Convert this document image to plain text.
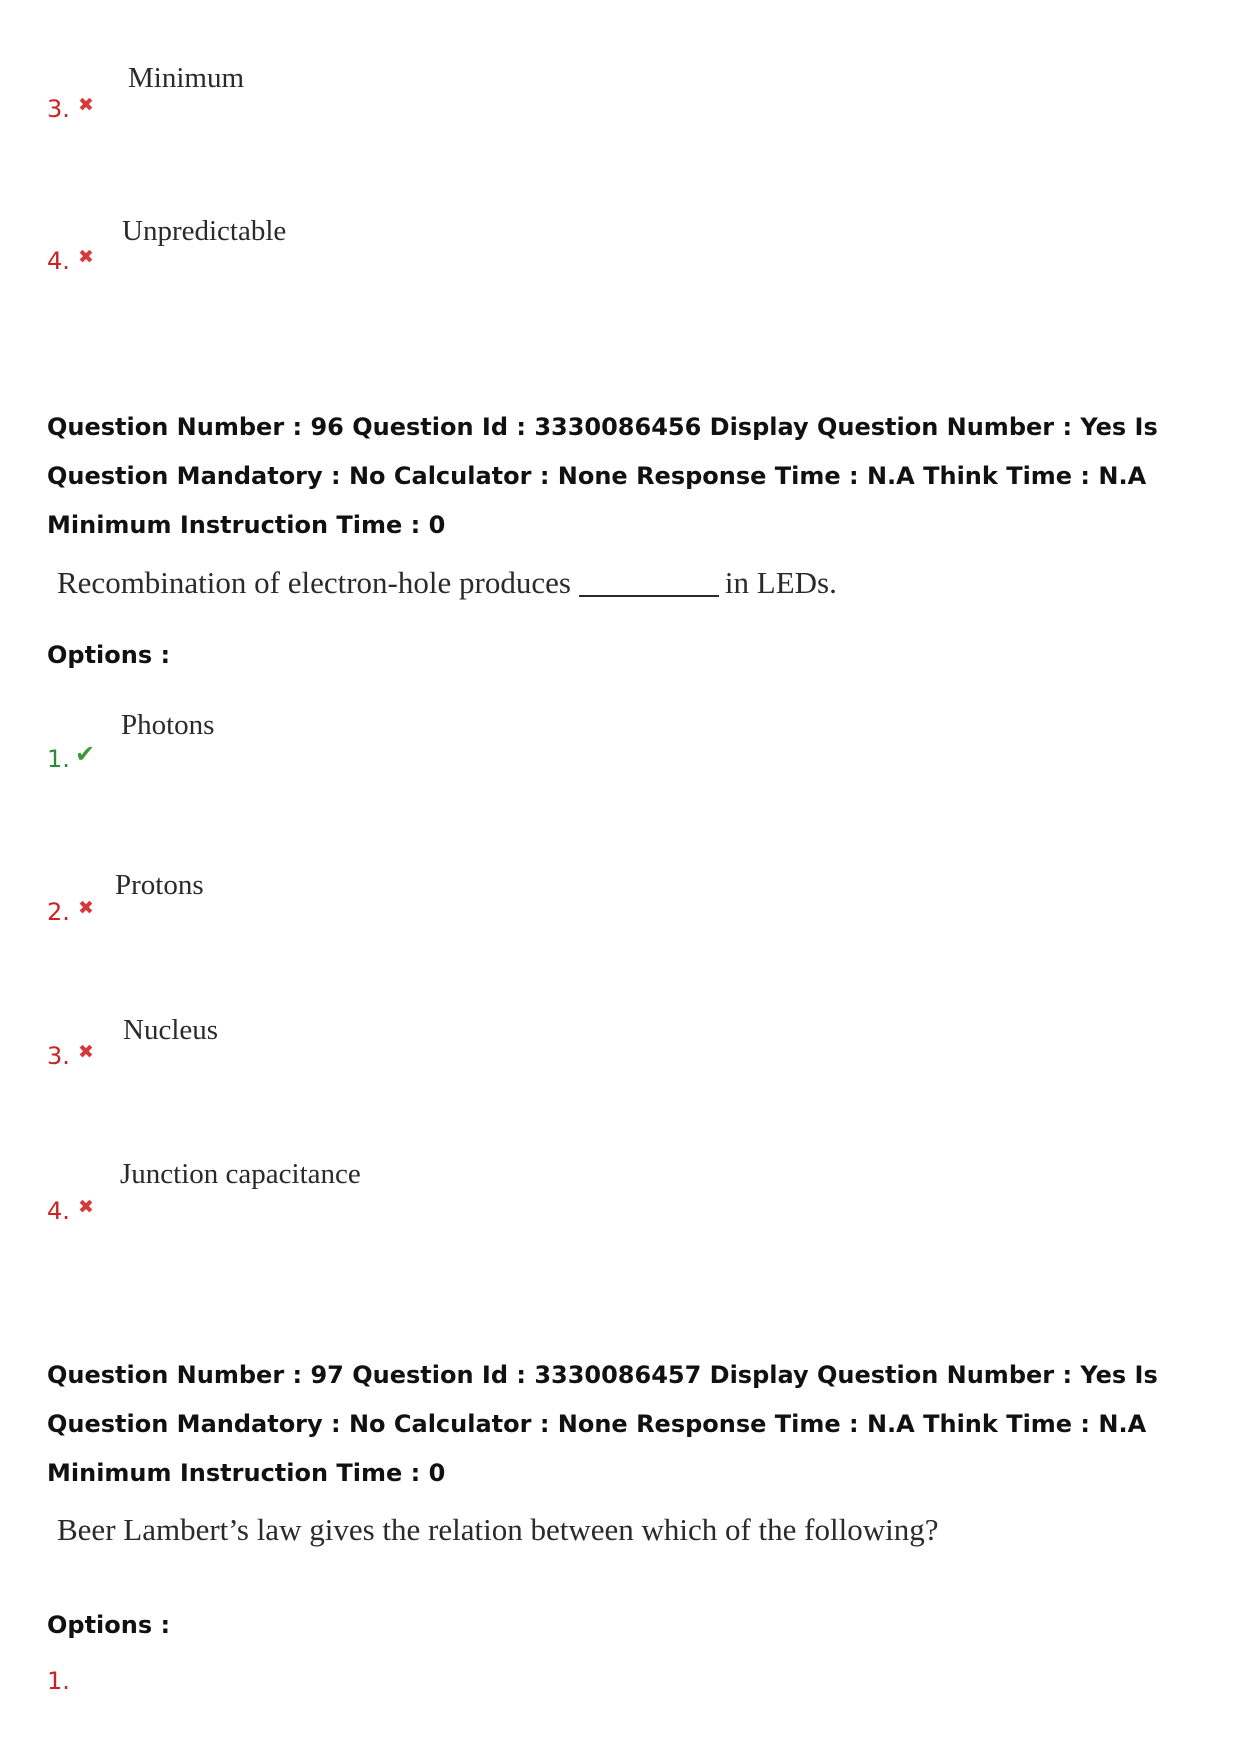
Minimum
3. ✖
Unpredictable
4. ✖
Question Number : 96 Question Id : 3330086456 Display Question Number : Yes Is Question Mandatory : No Calculator : None Response Time : N.A Think Time : N.A Minimum Instruction Time : 0
Recombination of electron-hole produces	in LEDs.
Options :
Photons
1. ✔
Protons
2. ✖
Nucleus
3. ✖
Junction capacitance
4. ✖
Question Number : 97 Question Id : 3330086457 Display Question Number : Yes Is Question Mandatory : No Calculator : None Response Time : N.A Think Time : N.A Minimum Instruction Time : 0
Beer Lambert’s law gives the relation between which of the following?
Options :
1.
